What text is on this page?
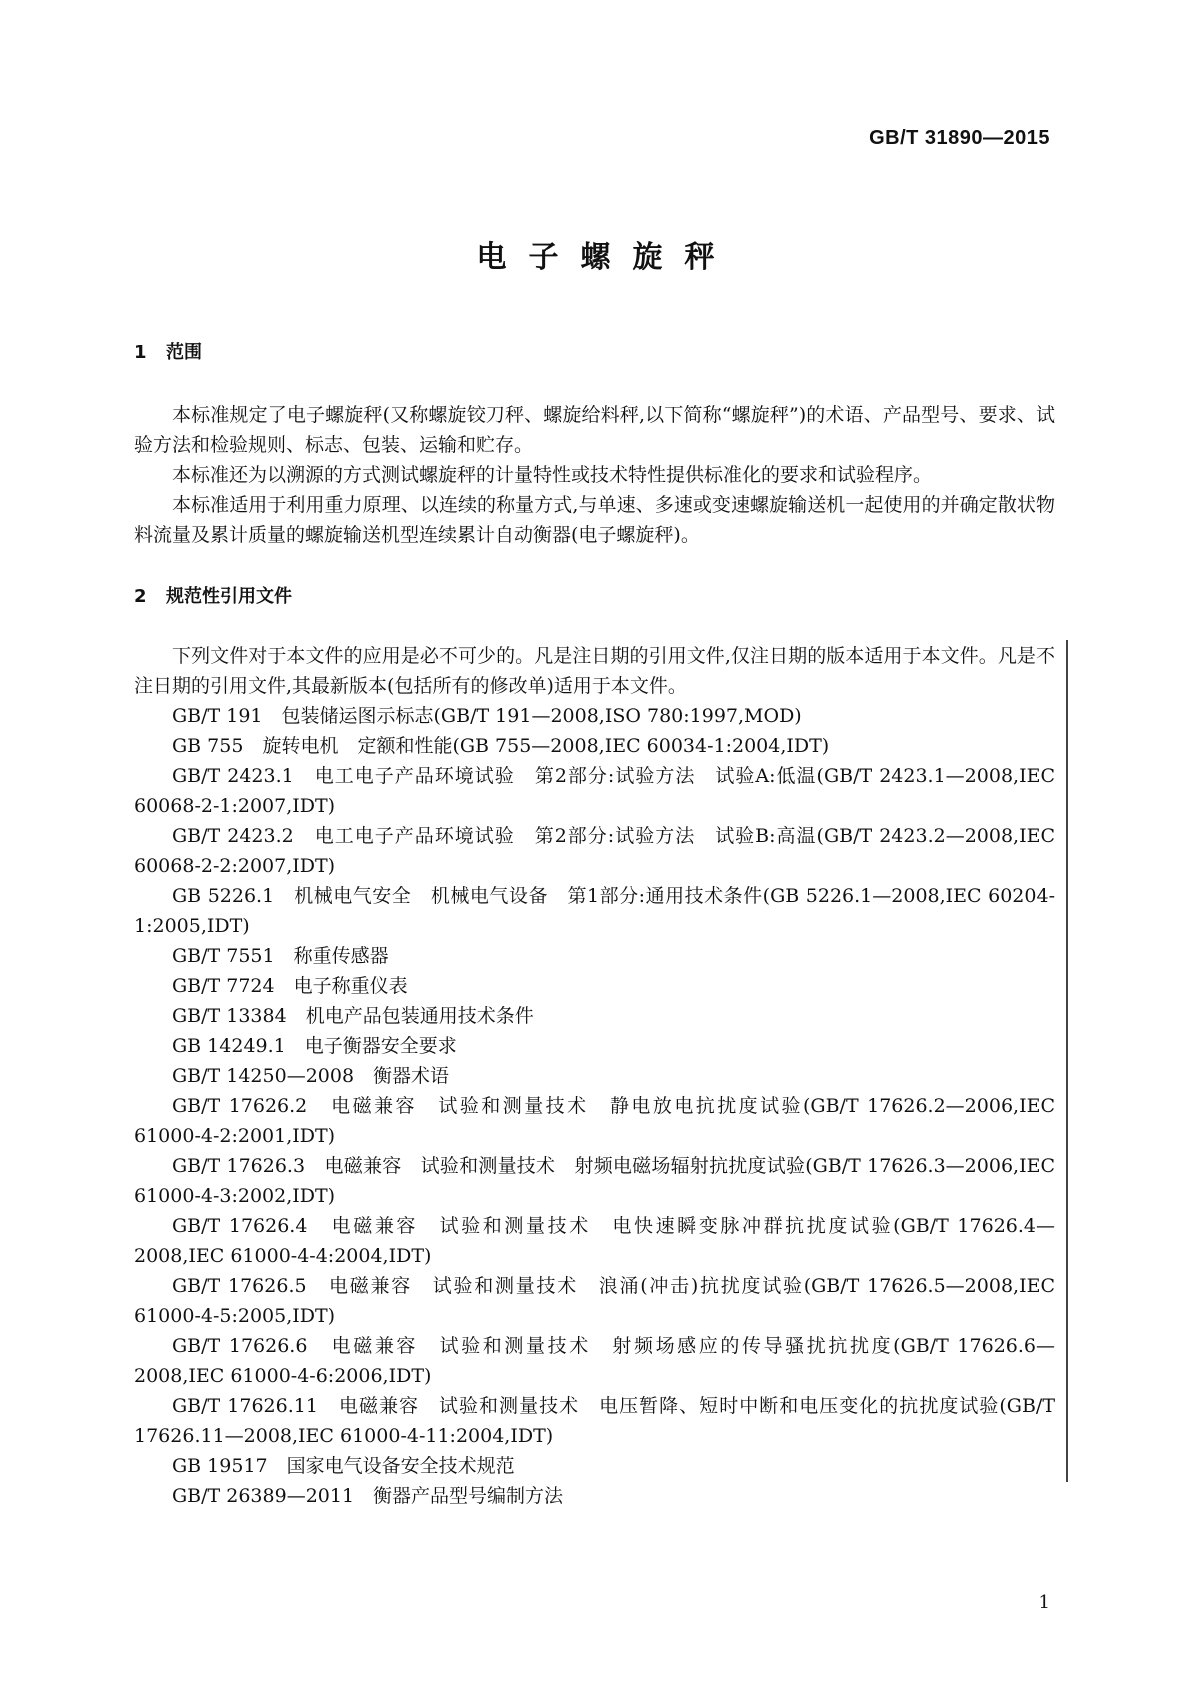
GB/T 31890—2015
电子螺旋秤
1 范围

本标准规定了电子螺旋秤(又称螺旋铰刀秤、螺旋给料秤,以下简称“螺旋秤”)的术语、产品型号、要求、试验方法和检验规则、标志、包装、运输和贮存。

本标准还为以溯源的方式测试螺旋秤的计量特性或技术特性提供标准化的要求和试验程序。

本标准适用于利用重力原理、以连续的称量方式,与单速、多速或变速螺旋输送机一起使用的并确定散状物料流量及累计质量的螺旋输送机型连续累计自动衡器(电子螺旋秤)。

2 规范性引用文件

下列文件对于本文件的应用是必不可少的。凡是注日期的引用文件,仅注日期的版本适用于本文件。凡是不注日期的引用文件,其最新版本(包括所有的修改单)适用于本文件。

GB/T 191　包装储运图示标志(GB/T 191—2008,ISO 780:1997,MOD)

GB 755　旋转电机　定额和性能(GB 755—2008,IEC 60034-1:2004,IDT)

GB/T 2423.1　电工电子产品环境试验　第2部分:试验方法　试验A:低温(GB/T 2423.1—2008,IEC 60068-2-1:2007,IDT)

GB/T 2423.2　电工电子产品环境试验　第2部分:试验方法　试验B:高温(GB/T 2423.2—2008,IEC 60068-2-2:2007,IDT)

GB 5226.1　机械电气安全　机械电气设备　第1部分:通用技术条件(GB 5226.1—2008,IEC 60204-1:2005,IDT)

GB/T 7551　称重传感器

GB/T 7724　电子称重仪表

GB/T 13384　机电产品包装通用技术条件

GB 14249.1　电子衡器安全要求

GB/T 14250—2008　衡器术语

GB/T 17626.2　电磁兼容　试验和测量技术　静电放电抗扰度试验(GB/T 17626.2—2006,IEC 61000-4-2:2001,IDT)

GB/T 17626.3　电磁兼容　试验和测量技术　射频电磁场辐射抗扰度试验(GB/T 17626.3—2006,IEC 61000-4-3:2002,IDT)

GB/T 17626.4　电磁兼容　试验和测量技术　电快速瞬变脉冲群抗扰度试验(GB/T 17626.4—2008,IEC 61000-4-4:2004,IDT)

GB/T 17626.5　电磁兼容　试验和测量技术　浪涌(冲击)抗扰度试验(GB/T 17626.5—2008,IEC 61000-4-5:2005,IDT)

GB/T 17626.6　电磁兼容　试验和测量技术　射频场感应的传导骚扰抗扰度(GB/T 17626.6—2008,IEC 61000-4-6:2006,IDT)

GB/T 17626.11　电磁兼容　试验和测量技术　电压暂降、短时中断和电压变化的抗扰度试验(GB/T 17626.11—2008,IEC 61000-4-11:2004,IDT)

GB 19517　国家电气设备安全技术规范

GB/T 26389—2011　衡器产品型号编制方法

1
